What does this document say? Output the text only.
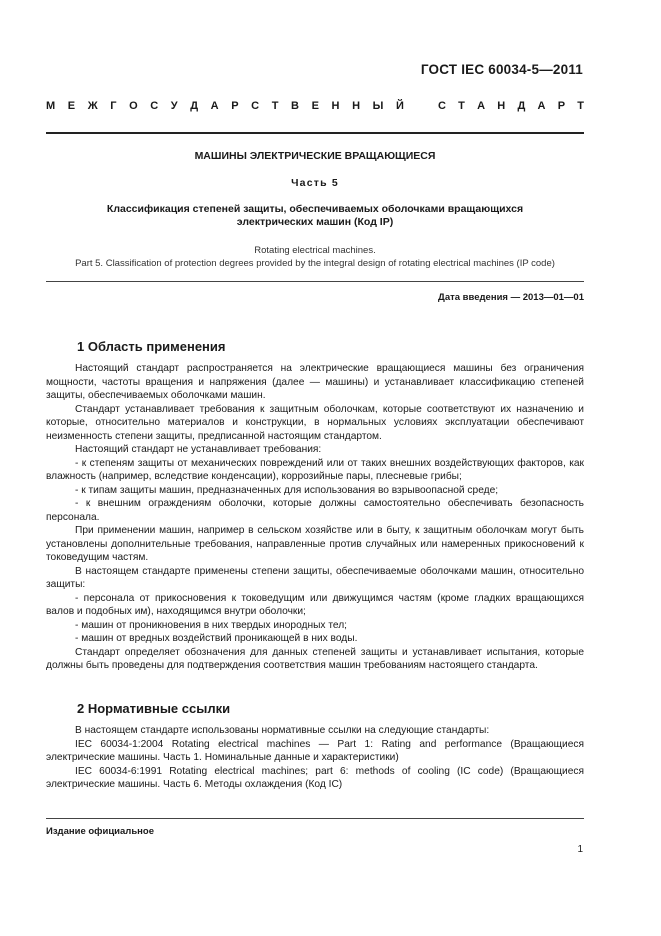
ГОСТ IEC 60034-5—2011
М Е Ж Г О С У Д А Р С Т В Е Н Н Ы Й	С Т А Н Д А Р Т
МАШИНЫ ЭЛЕКТРИЧЕСКИЕ ВРАЩАЮЩИЕСЯ
Часть 5
Классификация степеней защиты, обеспечиваемых оболочками вращающихся
электрических машин (Код IP)
Rotating electrical machines.
Part 5. Classification of protection degrees provided by the integral design of rotating electrical machines (IP code)
Дата введения — 2013—01—01
1 Область применения

Настоящий стандарт распространяется на электрические вращающиеся машины без ограничения мощности, частоты вращения и напряжения (далее — машины) и устанавливает классификацию степеней защиты, обеспечиваемых оболочками машин.

Стандарт устанавливает требования к защитным оболочкам, которые соответствуют их назначению и которые, относительно материалов и конструкции, в нормальных условиях эксплуатации обеспечивают неизменность степени защиты, предписанной настоящим стандартом.

Настоящий стандарт не устанавливает требования:

- к степеням защиты от механических повреждений или от таких внешних воздействующих факторов, как влажность (например, вследствие конденсации), коррозийные пары, плесневые грибы;

- к типам защиты машин, предназначенных для использования во взрывоопасной среде;

- к внешним ограждениям оболочки, которые должны самостоятельно обеспечивать безопасность персонала.

При применении машин, например в сельском хозяйстве или в быту, к защитным оболочкам могут быть установлены дополнительные требования, направленные против случайных или намеренных прикосновений к токоведущим частям.

В настоящем стандарте применены степени защиты, обеспечиваемые оболочками машин, относительно защиты:

- персонала от прикосновения к токоведущим или движущимся частям (кроме гладких вращающихся валов и подобных им), находящимся внутри оболочки;

- машин от проникновения в них твердых инородных тел;

- машин от вредных воздействий проникающей в них воды.

Стандарт определяет обозначения для данных степеней защиты и устанавливает испытания, которые должны быть проведены для подтверждения соответствия машин требованиям настоящего стандарта.

2 Нормативные ссылки

В настоящем стандарте использованы нормативные ссылки на следующие стандарты:

IEC 60034-1:2004 Rotating electrical machines — Part 1: Rating and performance (Вращающиеся электрические машины. Часть 1. Номинальные данные и характеристики)

IEC 60034-6:1991 Rotating electrical machines; part 6: methods of cooling (IC code) (Вращающиеся электрические машины. Часть 6. Методы охлаждения (Код IC)

Издание официальное
1
